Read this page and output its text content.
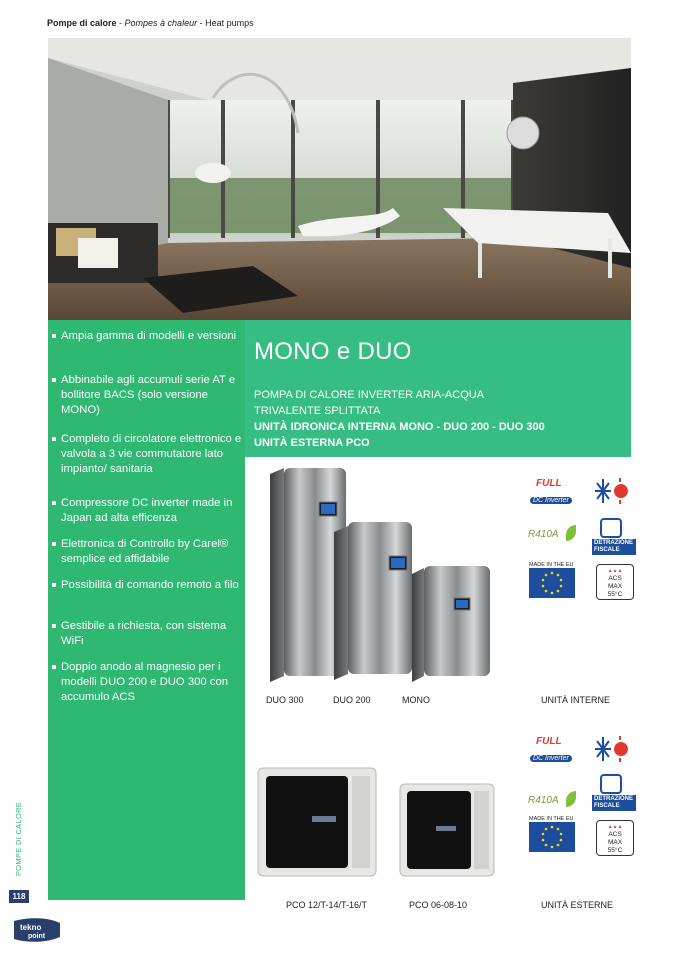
Pompe di calore - Pompes à chaleur - Heat pumps
Ampia gamma di modelli e versioni
Abbinabile agli accumuli serie AT e bollitore BACS (solo versione MONO)
Completo di circolatore elettronico e valvola a 3 vie commutatore lato impianto/ sanitaria
Compressore DC inverter made in Japan ad alta efficenza
Elettronica di Controllo by Carel® semplice ed affidabile
Possibilità di comando remoto a filo
Gestibile a richiesta, con sistema WiFi
Doppio anodo al magnesio per i modelli DUO 200 e DUO 300 con accumulo ACS
MONO e DUO
POMPA DI CALORE INVERTER ARIA-ACQUA
TRIVALENTE SPLITTATA
UNITÀ IDRONICA INTERNA MONO - DUO 200 - DUO 300
UNITÀ ESTERNA PCO
DUO 300	DUO 200	MONO	UNITÀ INTERNE
PCO 12/T-14/T-16/T	PCO 06-08-10	UNITÀ ESTERNE
FULL
DC Inverter
R410A
DETRAZIONE
FISCALE
MADE IN THE EU
▲▲▲
ACS
MAX
55°C
FULL
DC Inverter
R410A	DETRAZIONE
FISCALE
MADE IN THE EU
▲▲▲
ACS
MAX
55°C
POMPE DI CALORE
118
tekno
point
